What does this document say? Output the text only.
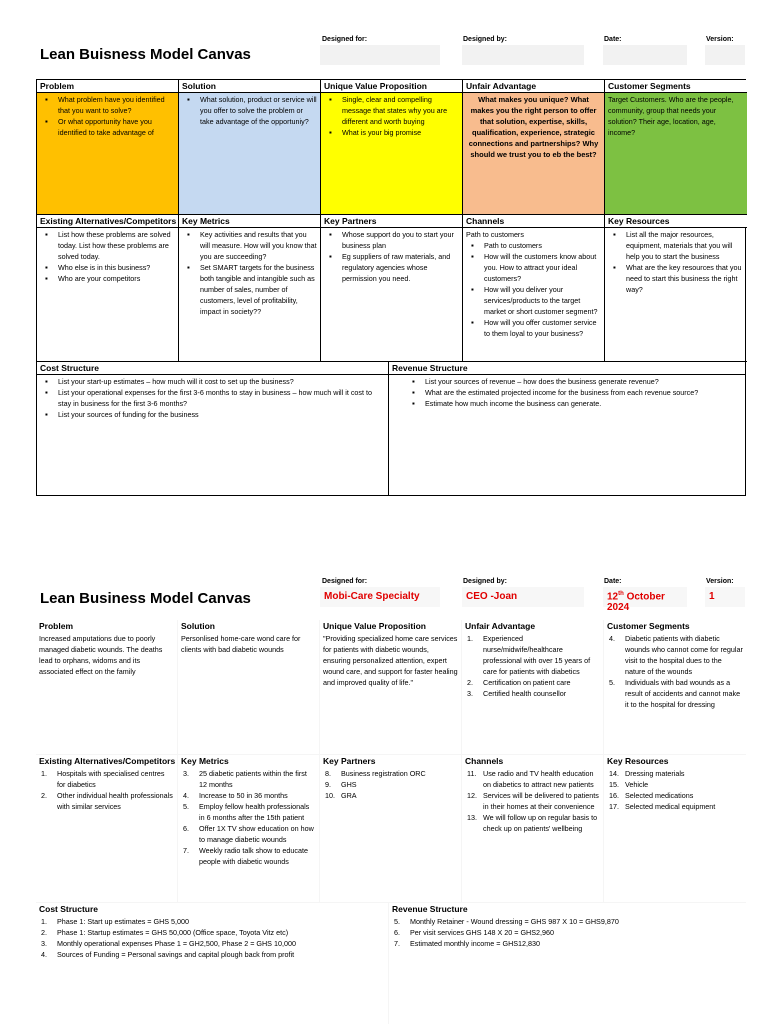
Lean Buisness Model Canvas
Designed for:	Designed by:	Date:	Version:
Problem
▪ What problem have you identified that you want to solve?
▪ Or what opportunity have you identified to take advantage of
Solution
▪ What solution, product or service will you offer to solve the problem or take advantage of the opportuniy?
Unique Value Proposition
▪ Single, clear and compelling message that states why you are different and worth buying
▪ What is your big promise
Unfair Advantage
What makes you unique? What makes you the right person to offer that solution, expertise, skills, qualification, experience, strategic connections and partnerships? Why should we trust you to eb the best?
Customer Segments
Target Customers. Who are the people, community, group that needs your solution? Their age, location, age, income?
Existing Alternatives/Competitors
▪ List how these problems are solved today. List how these problems are solved today.
▪ Who else is in this business?
▪ Who are your competitors
Key Metrics
▪ Key activities and results that you will measure. How will you know that you are succeeding?
▪ Set SMART targets for the business both tangible and intangible such as number of sales, number of customers, level of profitability, impact in society??
Key Partners
▪ Whose support do you to start your business plan
▪ Eg suppliers of raw materials, and regulatory agencies whose permission you need.
Channels
Path to customers
▪ Path to customers
▪ How will the customers know about you. How to attract your ideal customers?
▪ How will you deliver your services/products to the target market or short customer segment?
▪ How will you offer customer service to them loyal to your business?
Key Resources
▪ List all the major resources, equipment, materials that you will help you to start the business
▪ What are the key resources that you need to start this business the right way?
Cost Structure
▪ List your start-up estimates – how much will it cost to set up the business?
▪ List your operational expenses for the first 3-6 months to stay in business – how much will it cost to stay in business for the first 3-6 months?
▪ List your sources of funding for the business
Revenue Structure
▪ List your sources of revenue – how does the business generate revenue?
▪ What are the estimated projected income for the business from each revenue source?
▪ Estimate how much income the business can generate.
Lean Business Model Canvas
Designed for:
Mobi-Care Specialty
Designed by:
CEO -Joan
Date:
12th October 2024
Version:
1
Problem
Increased amputations due to poorly managed diabetic wounds. The deaths lead to orphans, widoms and its associated effect on the family
Solution
Personlised home-care wond care for clients with bad diabetic wounds
Unique Value Proposition
"Providing specialized home care services for patients with diabetic wounds, ensuring personalized attention, expert wound care, and support for faster healing and improved quality of life."
Unfair Advantage
1. Experienced nurse/midwife/healthcare professional with over 15 years of care for patients with diabetics
2. Certification on patient care
3. Certified health counsellor
Customer Segments
4. Diabetic patients with diabetic wounds who cannot come for regular visit to the hospital dues to the nature of the wounds
5. Individuals with bad wounds as a result of accidents and cannot make it to the hospital for dressing
Existing Alternatives/Competitors
1. Hospitals with specialised centres for diabetics
2. Other individual health professionals with similar services
Key Metrics
3. 25 diabetic patients within the first 12 months
4. Increase to 50 in 36 months
5. Employ fellow health professionals in 6 months after the 15th patient
6. Offer 1X TV show education on how to manage diabetic wounds
7. Weekly radio talk show to educate people with diabetic wounds
Key Partners
8. Business registration ORC
9. GHS
10. GRA
Channels
11. Use radio and TV health education on diabetics to attract new patients
12. Services will be delivered to patients in their homes at their convenience
13. We will follow up on regular basis to check up on patients' wellbeing
Key Resources
14. Dressing materials
15. Vehicle
16. Selected medications
17. Selected medical equipment
Cost Structure
1. Phase 1: Start up estimates = GHS 5,000
2. Phase 1: Startup estimates = GHS 50,000 (Office space, Toyota Vitz etc)
3. Monthly operational expenses Phase 1 = GH2,500, Phase 2 = GHS 10,000
4. Sources of Funding = Personal savings and capital plough back from profit
Revenue Structure
5. Monthly Retainer - Wound dressing = GHS 987 X 10 = GHS9,870
6. Per visit services GHS 148 X 20 = GHS2,960
7. Estimated monthly income = GHS12,830
